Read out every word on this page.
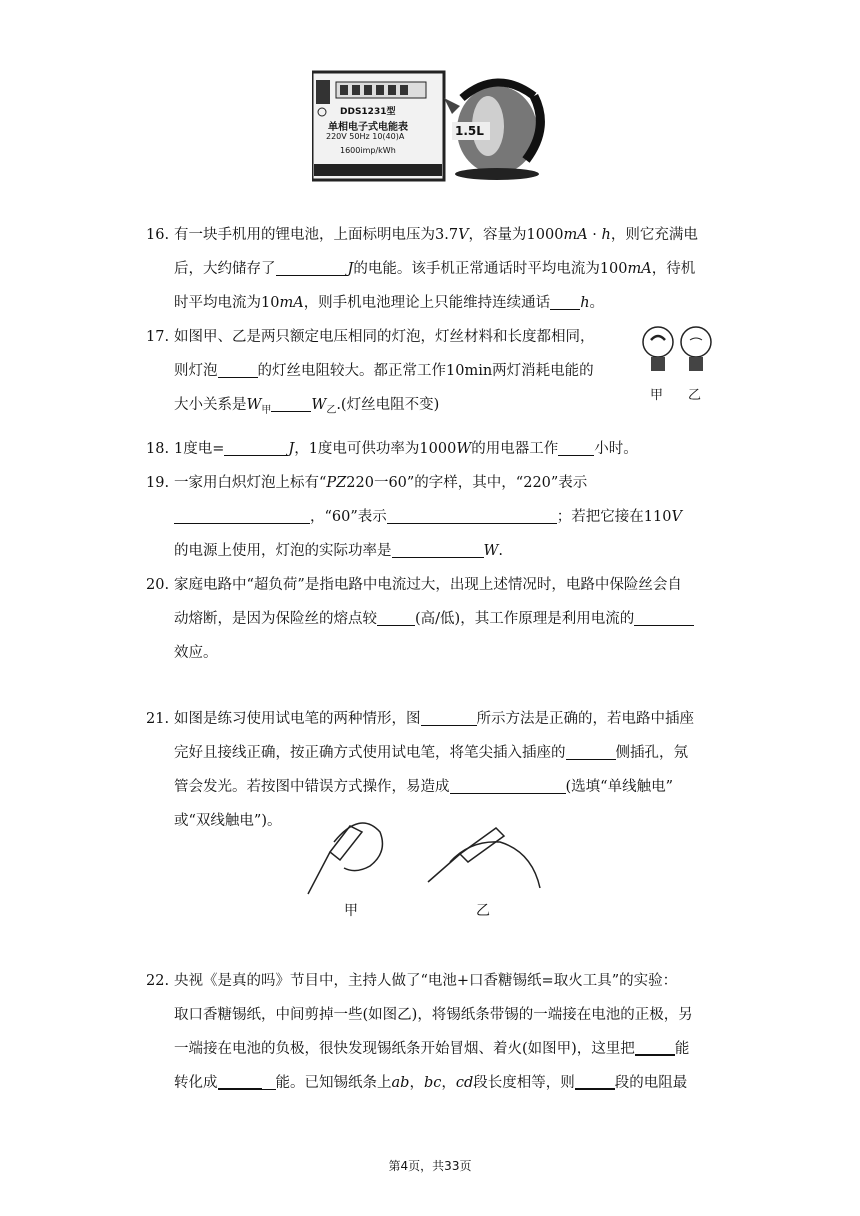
DDS1231型
单相电子式电能表
220V 50Hz 10(40)A
1600imp/kWh
1.5L
16. 有一块手机用的锂电池，上面标明电压为3.7V，容量为1000mA · h，则它充满电
后，大约储存了	J的电能。该手机正常通话时平均电流为100mA，待机
时平均电流为10mA，则手机电池理论上只能维持连续通话 h。
17. 如图甲、乙是两只额定电压相同的灯泡，灯丝材料和长度都相同，
则灯泡	的灯丝电阻较大。都正常工作10min两灯消耗电能的
大小关系是$W_甲$	$W_乙$.(灯丝电阻不变)
18. 1度电=	J，1度电可供功率为1000W的用电器工作 小时。
19. 一家用白炽灯泡上标有“PZ220一60”的字样，其中，“220”表示
，“60”表示	；若把它接在110V
的电源上使用，灯泡的实际功率是	W.
20. 家庭电路中“超负荷”是指电路中电流过大，出现上述情况时，电路中保险丝会自
动熔断，是因为保险丝的熔点较	(高/低)，其工作原理是利用电流的
效应。
21. 如图是练习使用试电笔的两种情形，图	所示方法是正确的，若电路中插座
完好且接线正确，按正确方式使用试电笔，将笔尖插入插座的	侧插孔，氖
管会发光。若按图中错误方式操作，易造成	(选填“单线触电”
或“双线触电”)。
22. 央视《是真的吗》节目中，主持人做了“电池+口香糖锡纸=取火工具”的实验：
取口香糖锡纸，中间剪掉一些(如图乙)，将锡纸条带锡的一端接在电池的正极，另
一端接在电池的负极，很快发现锡纸条开始冒烟、着火(如图甲)，这里把	能
转化成	能。已知锡纸条上ab，bc，cd段长度相等，则	段的电阻最
甲 乙
甲	乙
第4页，共33页
